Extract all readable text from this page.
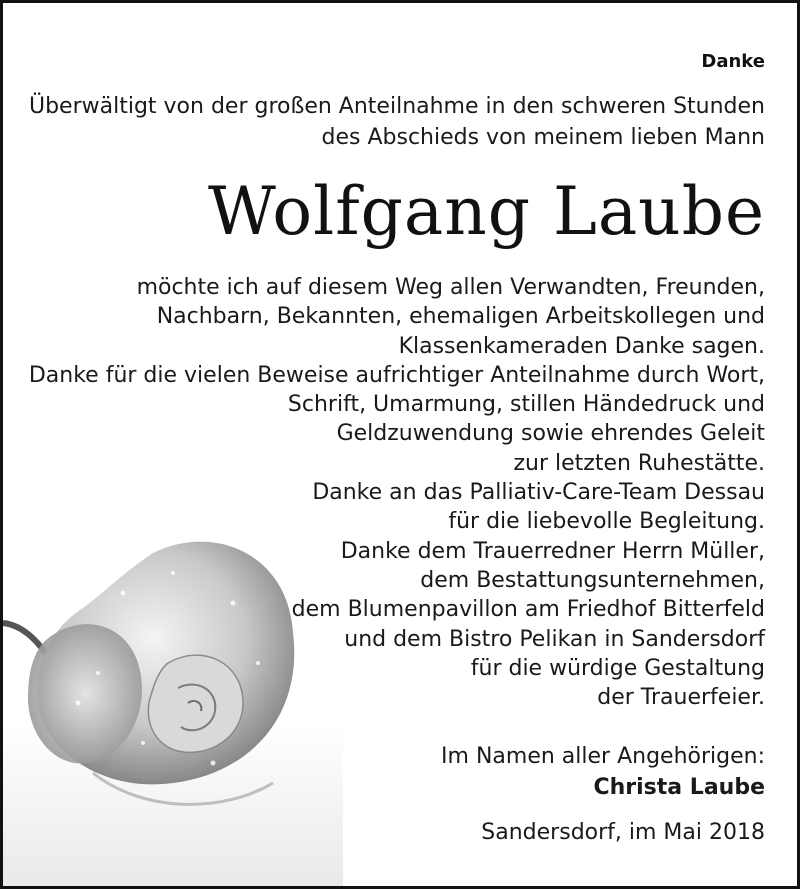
Danke
Überwältigt von der großen Anteilnahme in den schweren Stunden
des Abschieds von meinem lieben Mann
Wolfgang Laube
möchte ich auf diesem Weg allen Verwandten, Freunden,
Nachbarn, Bekannten, ehemaligen Arbeitskollegen und
Klassenkameraden Danke sagen.
Danke für die vielen Beweise aufrichtiger Anteilnahme durch Wort,
Schrift, Umarmung, stillen Händedruck und
Geldzuwendung sowie ehrendes Geleit
zur letzten Ruhestätte.
Danke an das Palliativ-Care-Team Dessau
für die liebevolle Begleitung.
Danke dem Trauerredner Herrn Müller,
dem Bestattungsunternehmen,
dem Blumenpavillon am Friedhof Bitterfeld
und dem Bistro Pelikan in Sandersdorf
für die würdige Gestaltung
der Trauerfeier.
Im Namen aller Angehörigen:
Christa Laube
Sandersdorf, im Mai 2018
